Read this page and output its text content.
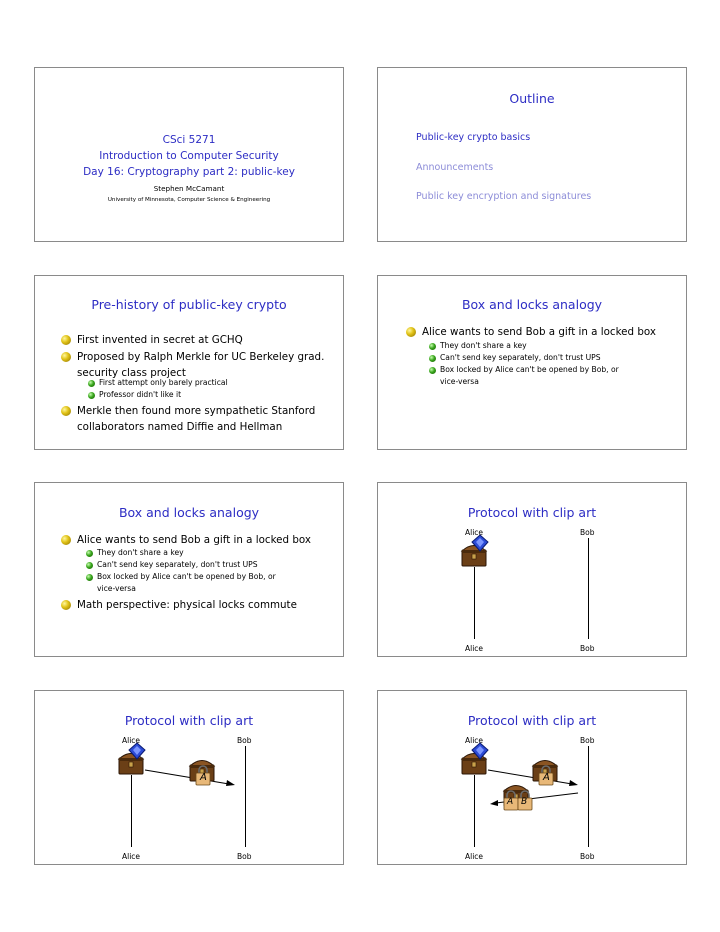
CSci 5271
Introduction to Computer Security
Day 16: Cryptography part 2: public-key
Stephen McCamant
University of Minnesota, Computer Science & Engineering
Outline
Public-key crypto basics
Announcements
Public key encryption and signatures
Pre-history of public-key crypto
First invented in secret at GCHQ
Proposed by Ralph Merkle for UC Berkeley grad.
security class project
First attempt only barely practical
Professor didn't like it
Merkle then found more sympathetic Stanford
collaborators named Diffie and Hellman
Box and locks analogy
Alice wants to send Bob a gift in a locked box
They don't share a key
Can't send key separately, don't trust UPS
Box locked by Alice can't be opened by Bob, or
vice-versa
Box and locks analogy
Alice wants to send Bob a gift in a locked box
They don't share a key
Can't send key separately, don't trust UPS
Box locked by Alice can't be opened by Bob, or
vice-versa
Math perspective: physical locks commute
Protocol with clip art
Alice	Bob
Alice	Bob
Protocol with clip art
Alice	Bob
A
Alice	Bob
Protocol with clip art
Alice	Bob
A
A B
Alice	Bob
